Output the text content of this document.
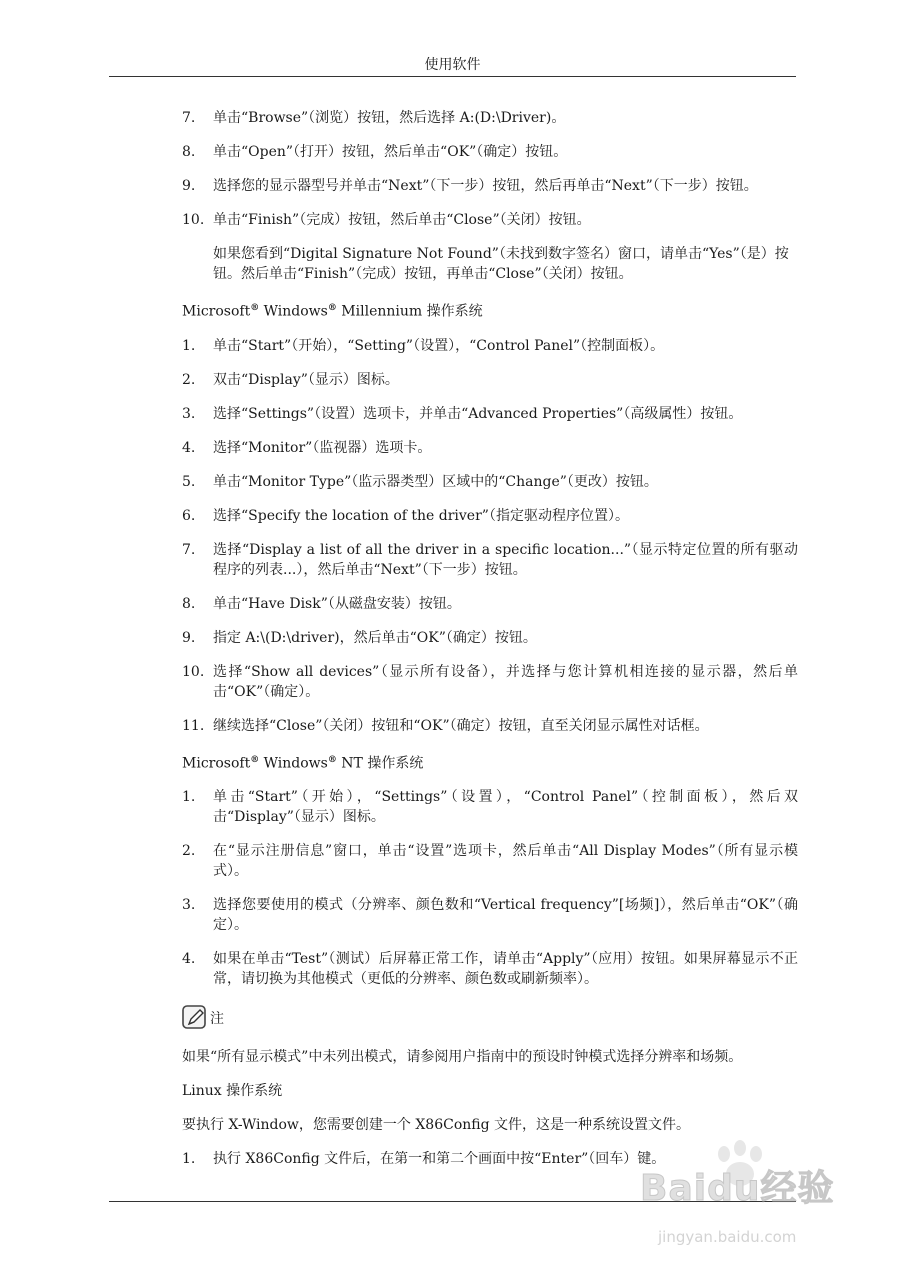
使用软件
7.	单击“Browse”（浏览）按钮，然后选择 A:(D:\Driver)。
8.	单击“Open”（打开）按钮，然后单击“OK”（确定）按钮。
9.	选择您的显示器型号并单击“Next”（下一步）按钮，然后再单击“Next”（下一步）按钮。
10. 单击“Finish”（完成）按钮，然后单击“Close”（关闭）按钮。
如果您看到“Digital Signature Not Found”（未找到数字签名）窗口，请单击“Yes”（是）按钮。然后单击“Finish”（完成）按钮，再单击“Close”（关闭）按钮。
Microsoft® Windows® Millennium 操作系统
1.	单击“Start”（开始），“Setting”（设置），“Control Panel”（控制面板）。
2.	双击“Display”（显示）图标。
3.	选择“Settings”（设置）选项卡，并单击“Advanced Properties”（高级属性）按钮。
4.	选择“Monitor”（监视器）选项卡。
5.	单击“Monitor Type”（监示器类型）区域中的“Change”（更改）按钮。
6.	选择“Specify the location of the driver”（指定驱动程序位置）。
7.	选择“Display a list of all the driver in a specific location...”（显示特定位置的所有驱动程序的列表...），然后单击“Next”（下一步）按钮。
8.	单击“Have Disk”（从磁盘安装）按钮。
9.	指定 A:\(D:\driver)，然后单击“OK”（确定）按钮。
10. 选择“Show all devices”（显示所有设备），并选择与您计算机相连接的显示器，然后单击“OK”（确定）。
11. 继续选择“Close”（关闭）按钮和“OK”（确定）按钮，直至关闭显示属性对话框。
Microsoft® Windows® NT 操作系统
1.	单击“Start”（开始），“Settings”（设置），“Control Panel”（控制面板），然后双击“Display”（显示）图标。
2.	在“显示注册信息”窗口，单击“设置”选项卡，然后单击“All Display Modes”（所有显示模式）。
3.	选择您要使用的模式（分辨率、颜色数和“Vertical frequency”[场频]），然后单击“OK”（确定）。
4.	如果在单击“Test”（测试）后屏幕正常工作，请单击“Apply”（应用）按钮。如果屏幕显示不正常，请切换为其他模式（更低的分辨率、颜色数或刷新频率）。
注
如果“所有显示模式”中未列出模式，请参阅用户指南中的预设时钟模式选择分辨率和场频。
Linux 操作系统
要执行 X-Window，您需要创建一个 X86Config 文件，这是一种系统设置文件。
1.	执行 X86Config 文件后，在第一和第二个画面中按“Enter”（回车）键。
Baidu经验
jingyan.baidu.com
